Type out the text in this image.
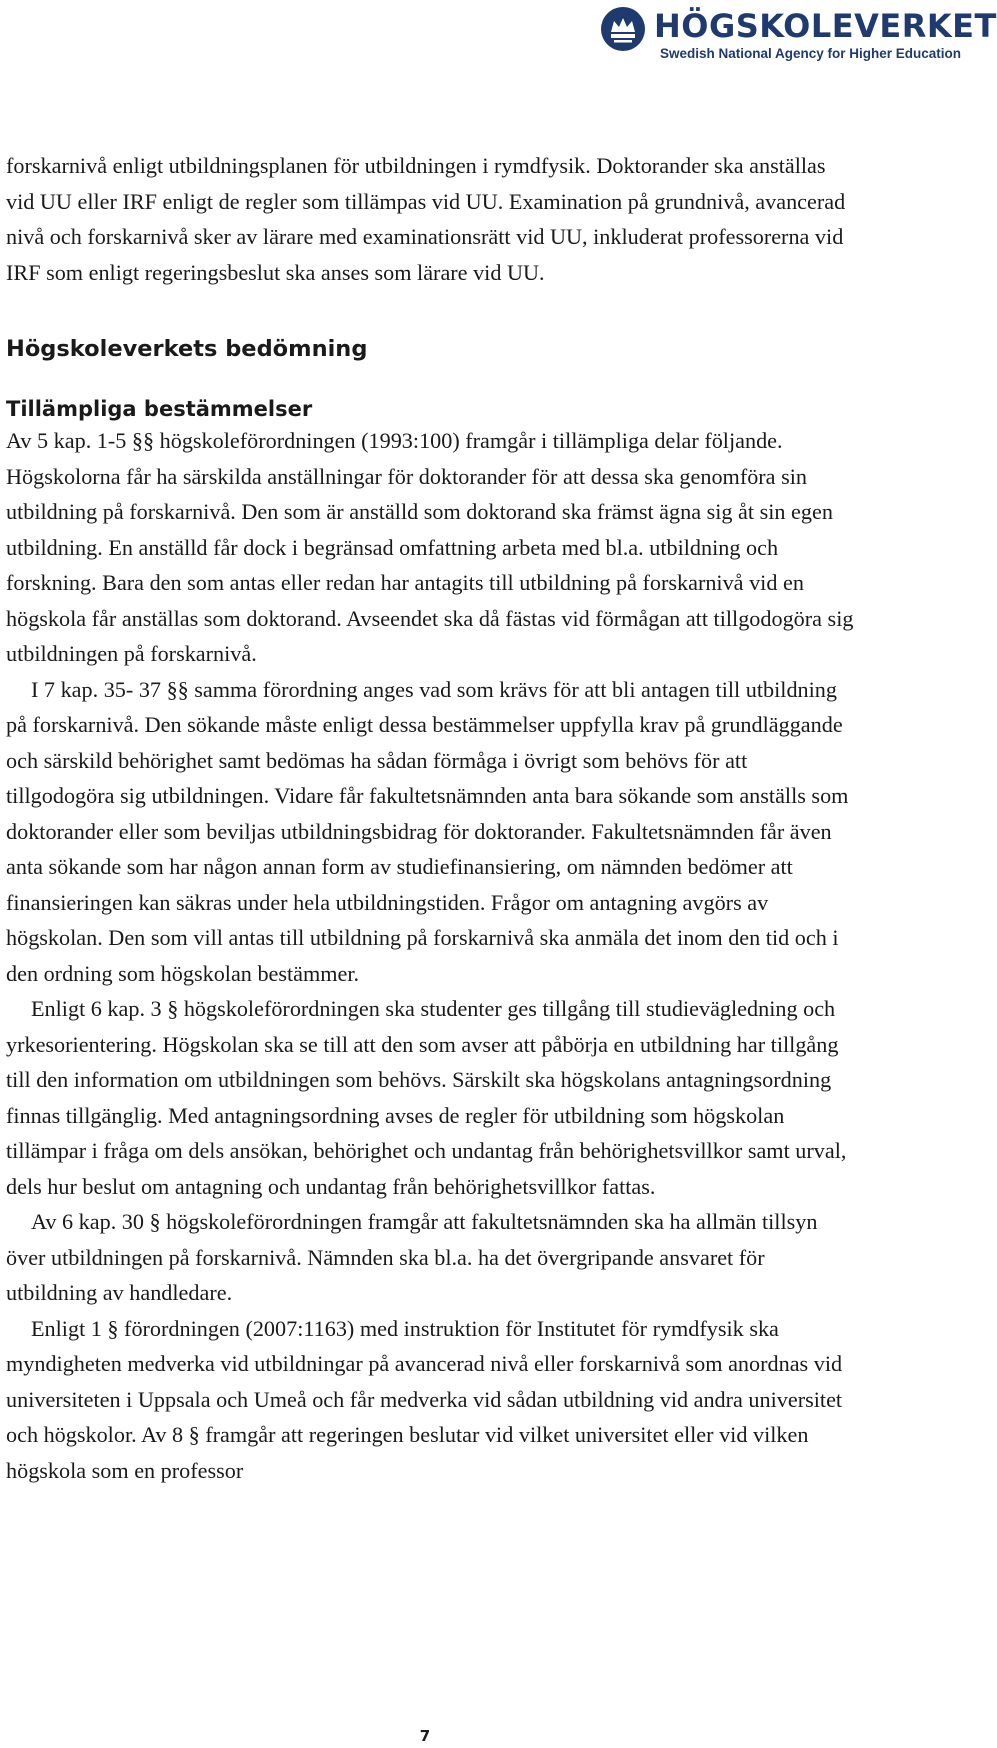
HÖGSKOLEVERKET
Swedish National Agency for Higher Education

forskarnivå enligt utbildningsplanen för utbildningen i rymdfysik. Doktorander ska anställas vid UU eller IRF enligt de regler som tillämpas vid UU. Examination på grundnivå, avancerad nivå och forskarnivå sker av lärare med examinationsrätt vid UU, inkluderat professorerna vid IRF som enligt regeringsbeslut ska anses som lärare vid UU.

Högskoleverkets bedömning
Tillämpliga bestämmelser

Av 5 kap. 1-5 §§ högskoleförordningen (1993:100) framgår i tillämpliga delar följande. Högskolorna får ha särskilda anställningar för doktorander för att dessa ska genomföra sin utbildning på forskarnivå. Den som är anställd som doktorand ska främst ägna sig åt sin egen utbildning. En anställd får dock i begränsad omfattning arbeta med bl.a. utbildning och forskning. Bara den som antas eller redan har antagits till utbildning på forskarnivå vid en högskola får anställas som doktorand. Avseendet ska då fästas vid förmågan att tillgodogöra sig utbildningen på forskarnivå.

I 7 kap. 35- 37 §§ samma förordning anges vad som krävs för att bli antagen till utbildning på forskarnivå. Den sökande måste enligt dessa bestämmelser uppfylla krav på grundläggande och särskild behörighet samt bedömas ha sådan förmåga i övrigt som behövs för att tillgodogöra sig utbildningen. Vidare får fakultetsnämnden anta bara sökande som anställs som doktorander eller som beviljas utbildningsbidrag för doktorander. Fakultetsnämnden får även anta sökande som har någon annan form av studiefinansiering, om nämnden bedömer att finansieringen kan säkras under hela utbildningstiden. Frågor om antagning avgörs av högskolan. Den som vill antas till utbildning på forskarnivå ska anmäla det inom den tid och i den ordning som högskolan bestämmer.

Enligt 6 kap. 3 § högskoleförordningen ska studenter ges tillgång till studievägledning och yrkesorientering. Högskolan ska se till att den som avser att påbörja en utbildning har tillgång till den information om utbildningen som behövs. Särskilt ska högskolans antagningsordning finnas tillgänglig. Med antagningsordning avses de regler för utbildning som högskolan tillämpar i fråga om dels ansökan, behörighet och undantag från behörighetsvillkor samt urval, dels hur beslut om antagning och undantag från behörighetsvillkor fattas.

Av 6 kap. 30 § högskoleförordningen framgår att fakultetsnämnden ska ha allmän tillsyn över utbildningen på forskarnivå. Nämnden ska bl.a. ha det övergripande ansvaret för utbildning av handledare.

Enligt 1 § förordningen (2007:1163) med instruktion för Institutet för rymdfysik ska myndigheten medverka vid utbildningar på avancerad nivå eller forskarnivå som anordnas vid universiteten i Uppsala och Umeå och får medverka vid sådan utbildning vid andra universitet och högskolor. Av 8 § framgår att regeringen beslutar vid vilket universitet eller vid vilken högskola som en professor

7
